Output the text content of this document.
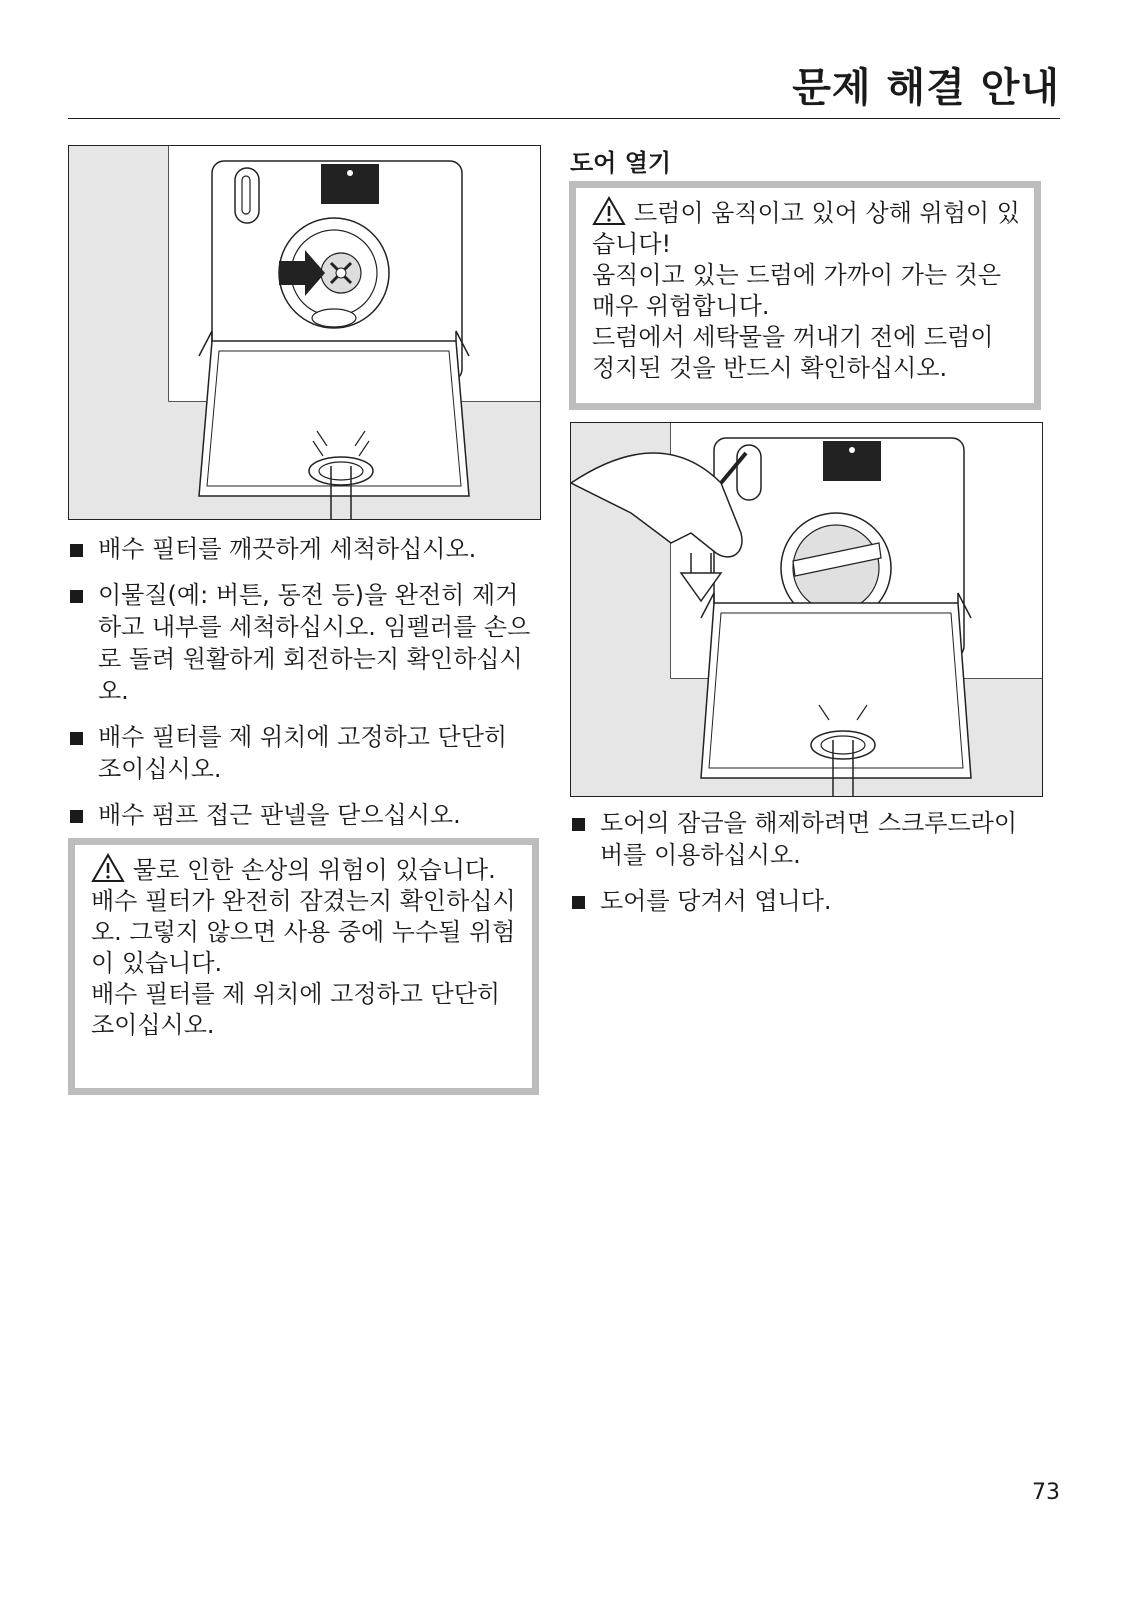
문제 해결 안내
배수 필터를 깨끗하게 세척하십시오.
이물질(예: 버튼, 동전 등)을 완전히 제거하고 내부를 세척하십시오. 임펠러를 손으로 돌려 원활하게 회전하는지 확인하십시오.
배수 필터를 제 위치에 고정하고 단단히 조이십시오.
배수 펌프 접근 판넬을 닫으십시오.

물로 인한 손상의 위험이 있습니다.

배수 필터가 완전히 잠겼는지 확인하십시오. 그렇지 않으면 사용 중에 누수될 위험이 있습니다.

배수 필터를 제 위치에 고정하고 단단히 조이십시오.

도어 열기

드럼이 움직이고 있어 상해 위험이 있습니다!

움직이고 있는 드럼에 가까이 가는 것은 매우 위험합니다.

드럼에서 세탁물을 꺼내기 전에 드럼이 정지된 것을 반드시 확인하십시오.

도어의 잠금을 해제하려면 스크루드라이버를 이용하십시오.
도어를 당겨서 엽니다.
73
